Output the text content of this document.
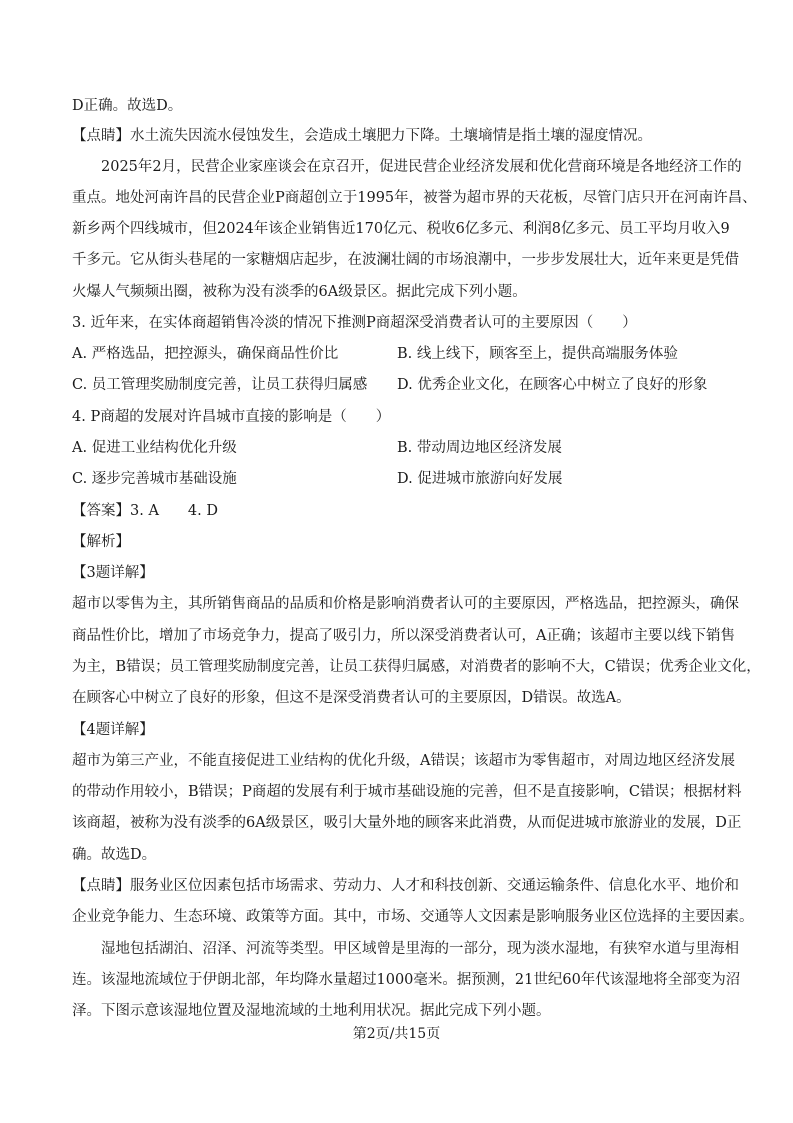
D正确。故选D。
【点睛】水土流失因流水侵蚀发生，会造成土壤肥力下降。土壤墒情是指土壤的湿度情况。
2025年2月，民营企业家座谈会在京召开，促进民营企业经济发展和优化营商环境是各地经济工作的
重点。地处河南许昌的民营企业P商超创立于1995年，被誉为超市界的天花板，尽管门店只开在河南许昌、
新乡两个四线城市，但2024年该企业销售近170亿元、税收6亿多元、利润8亿多元、员工平均月收入9
千多元。它从街头巷尾的一家糖烟店起步，在波澜壮阔的市场浪潮中，一步步发展壮大，近年来更是凭借
火爆人气频频出圈，被称为没有淡季的6A级景区。据此完成下列小题。
3. 近年来，在实体商超销售冷淡的情况下推测P商超深受消费者认可的主要原因（　　）
A. 严格选品，把控源头，确保商品性价比	B. 线上线下，顾客至上，提供高端服务体验
C. 员工管理奖励制度完善，让员工获得归属感 D. 优秀企业文化，在顾客心中树立了良好的形象
4. P商超的发展对许昌城市直接的影响是（　　）
A. 促进工业结构优化升级	B. 带动周边地区经济发展
C. 逐步完善城市基础设施	D. 促进城市旅游向好发展
【答案】3. A　　4. D
【解析】
【3题详解】
超市以零售为主，其所销售商品的品质和价格是影响消费者认可的主要原因，严格选品，把控源头，确保
商品性价比，增加了市场竞争力，提高了吸引力，所以深受消费者认可，A正确；该超市主要以线下销售
为主，B错误；员工管理奖励制度完善，让员工获得归属感，对消费者的影响不大，C错误；优秀企业文化，
在顾客心中树立了良好的形象，但这不是深受消费者认可的主要原因，D错误。故选A。
【4题详解】
超市为第三产业，不能直接促进工业结构的优化升级，A错误；该超市为零售超市，对周边地区经济发展
的带动作用较小，B错误；P商超的发展有利于城市基础设施的完善，但不是直接影响，C错误；根据材料
该商超，被称为没有淡季的6A级景区，吸引大量外地的顾客来此消费，从而促进城市旅游业的发展，D正
确。故选D。
【点睛】服务业区位因素包括市场需求、劳动力、人才和科技创新、交通运输条件、信息化水平、地价和
企业竞争能力、生态环境、政策等方面。其中，市场、交通等人文因素是影响服务业区位选择的主要因素。
湿地包括湖泊、沼泽、河流等类型。甲区域曾是里海的一部分，现为淡水湿地，有狭窄水道与里海相
连。该湿地流域位于伊朗北部，年均降水量超过1000毫米。据预测，21世纪60年代该湿地将全部变为沼
泽。下图示意该湿地位置及湿地流域的土地利用状况。据此完成下列小题。
第2页/共15页
